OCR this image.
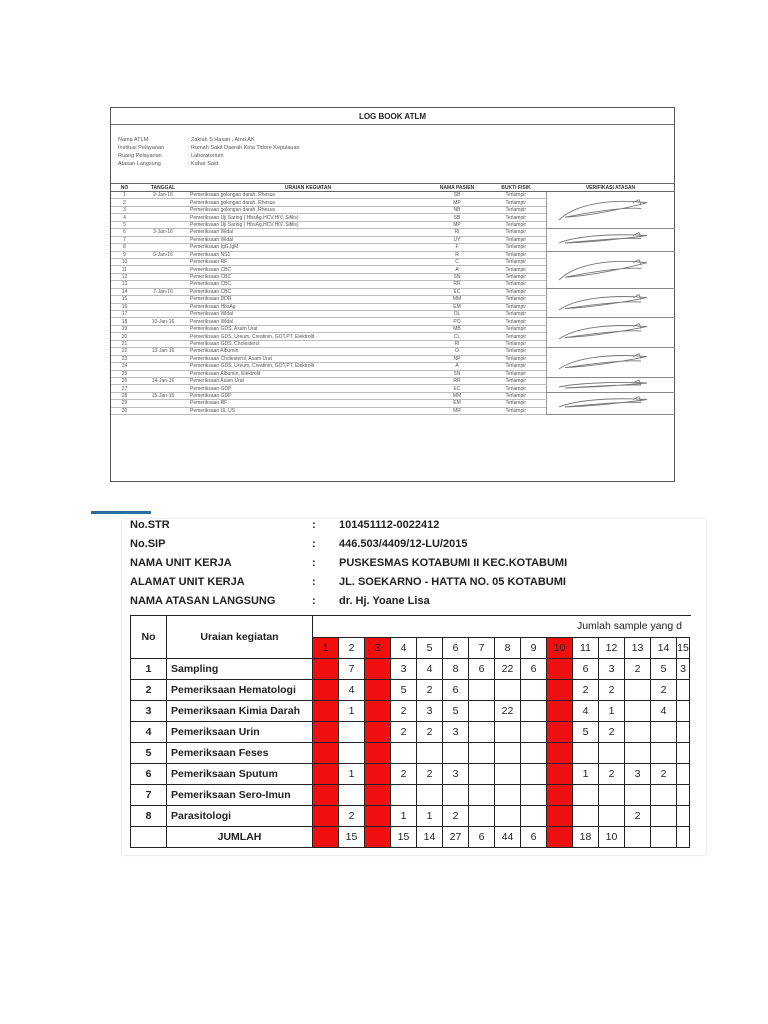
LOG BOOK ATLM
Nama ATLM	: Zakiah S Hasan , Amd.AK
Institusi Pelayanan	: Rumah Sakit Daerah Kota Tidore Kepulauan
Ruang Pelayanan	: Laboratorium
Atasan Langsung	: Kahar Said
NO	TANGGAL	URAIAN KEGIATAN	NAMA PASIEN	BUKTI FISIK	VERIFIKASI ATASAN
1	2-Jan-16	Pemeriksaan golongan darah, Rhesus	SB	Terlampir	

2		Pemeriksaan golongan darah, Rhesus	MP	Terlampir	
3		Pemeriksaan golongan darah, Rhesus	NB	Terlampir	
4		Pemeriksaan Uji Saring ( HbsAg,HCV,HIV, Sifilis)	SB	Terlampir	
5		Pemeriksaan Uji Saring ( HbsAg,HCV,HIV, Sifilis)	MP	Terlampir	
6	3-Jan-16	Pemeriksaan Widal	RI	Terlampir	

7		Pemeriksaan Widal	UY	Terlampir	
8		Pemeriksaan IgG,IgM	F	Terlampir	
9	6-Jan-16	Pemeriksaan NS1	R	Terlampir	

10		Pemeriksaan RF	C	Terlampir	
11		Pemeriksaan CBC	A	Terlampir	
12		Pemeriksaan CBC	SN	Terlampir	
13		Pemeriksaan CBC	RR	Terlampir	
14	7-Jan-16	Pemeriksaan CBC	EC	Terlampir	

15		Pemeriksaan DDR	MM	Terlampir	
16		Pemeriksaan HbsAg	EM	Terlampir	
17		Pemeriksaan Widal	OL	Terlampir	
18	10-Jan-16	Pemeriksaan Widal	PO	Terlampir	

19		Pemeriksaan GDS, Asam Urat	MB	Terlampir	
20		Pemeriksaan GDS, Ureum, Creatinin, GOT,PT, Elektrolit	CL	Terlampir	
21		Pemeriksaan GDS, Cholesterol	RI	Terlampir	
22	13-Jan-16	Pemeriksaan Albumin	O	Terlampir	

23		Pemeriksaan Cholesterol, Asam Urat	NP	Terlampir	
24		Pemeriksaan GDS, Ureum, Creatinin, GOT,PT, Elektrolit	A	Terlampir	
25		Pemeriksaan Albumin, Elektrolit	SN	Terlampir	
26	14-Jan-16	Pemeriksaan Asam Urat	RR	Terlampir	

27		Pemeriksaan GDP	EC	Terlampir	
28	15-Jan-16	Pemeriksaan GDP	MM	Terlampir	

29		Pemeriksaan RF	EM	Terlampir	
30		Pemeriksaan UL US	MR	Terlampir	
No.STR	: 101451112-0022412
No.SIP	: 446.503/4409/12-LU/2015
NAMA UNIT KERJA	: PUSKESMAS KOTABUMI II KEC.KOTABUMI
ALAMAT UNIT KERJA	: JL. SOEKARNO - HATTA NO. 05 KOTABUMI
NAMA ATASAN LANGSUNG	: dr. Hj. Yoane Lisa
No	Uraian kegiatan	Jumlah sample yang d															
		1	2	3	4	5	6	7	8	9	10	11	12	13	14	15	
1	Sampling		7		3	4	8	6	22	6		6	3	2	5	3	
2	Pemeriksaan Hematologi		4		5	2	6					2	2		2		
3	Pemeriksaan Kimia Darah		1		2	3	5		22			4	1		4		
4	Pemeriksaan Urin				2	2	3					5	2				
5	Pemeriksaan Feses																
6	Pemeriksaan Sputum		1		2	2	3					1	2	3	2		
7	Pemeriksaan Sero-Imun																
8	Parasitologi		2		1	1	2							2			
	JUMLAH		15		15	14	27	6	44	6		18	10				
